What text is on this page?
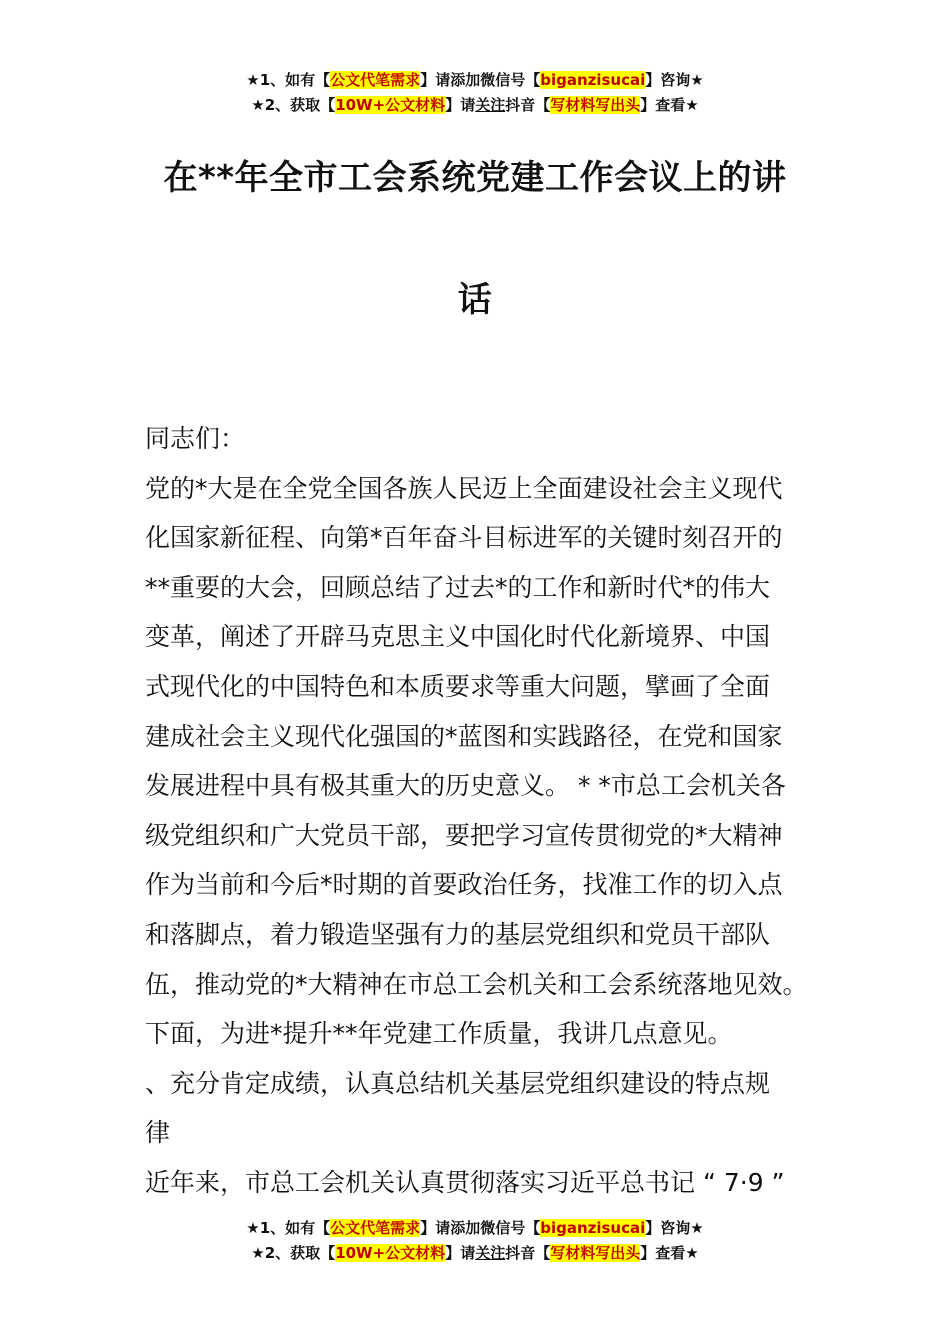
★1、如有【公文代笔需求】请添加微信号【biganzisucai】咨询★
★2、获取【10W+公文材料】请关注抖音【写材料写出头】查看★
在**年全市工会系统党建工作会议上的讲
话

同志们：

党的*大是在全党全国各族人民迈上全面建设社会主义现代

化国家新征程、向第*百年奋斗目标进军的关键时刻召开的

**重要的大会，回顾总结了过去*的工作和新时代*的伟大

变革，阐述了开辟马克思主义中国化时代化新境界、中国

式现代化的中国特色和本质要求等重大问题，擘画了全面

建成社会主义现代化强国的*蓝图和实践路径，在党和国家

发展进程中具有极其重大的历史意义。 * *市总工会机关各

级党组织和广大党员干部，要把学习宣传贯彻党的*大精神

作为当前和今后*时期的首要政治任务，找准工作的切入点

和落脚点，着力锻造坚强有力的基层党组织和党员干部队

伍，推动党的*大精神在市总工会机关和工会系统落地见效。

下面，为进*提升**年党建工作质量，我讲几点意见。

、充分肯定成绩，认真总结机关基层党组织建设的特点规

律

近年来，市总工会机关认真贯彻落实习近平总书记 “ 7·9 ”

★1、如有【公文代笔需求】请添加微信号【biganzisucai】咨询★
★2、获取【10W+公文材料】请关注抖音【写材料写出头】查看★
